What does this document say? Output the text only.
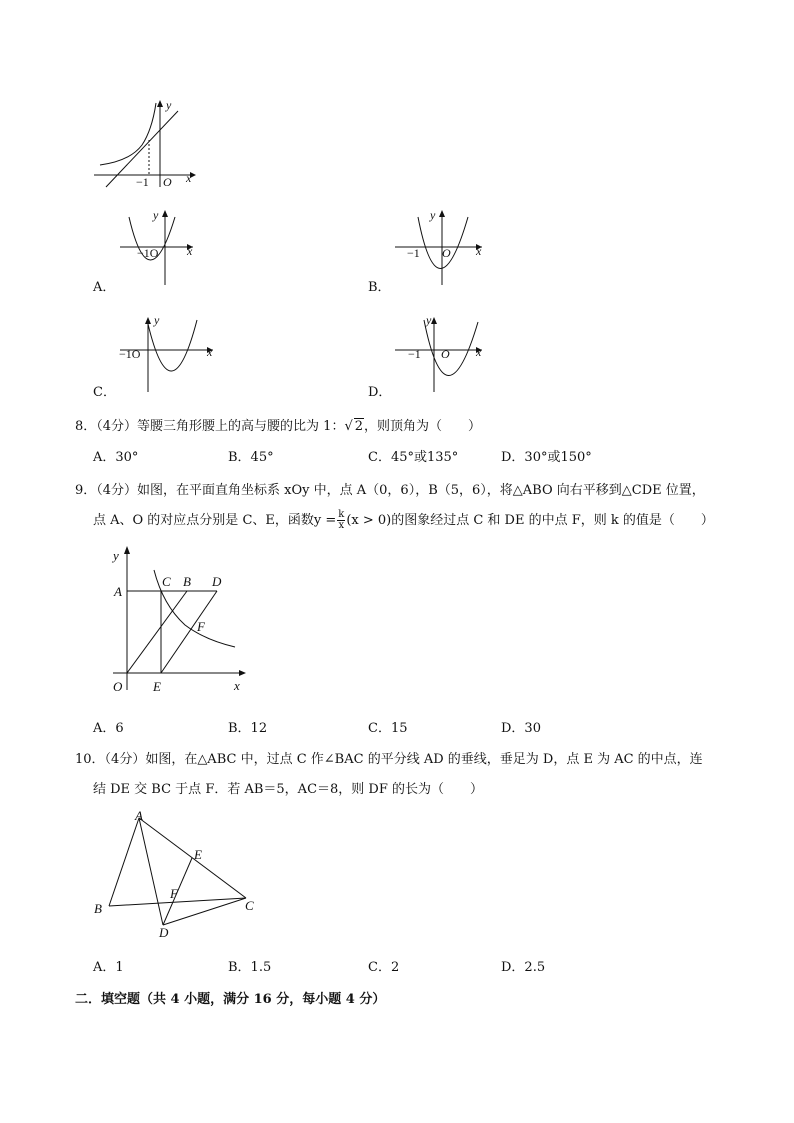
y
x
O
−1
y
x
−1O
A．
y
x
−1 O
B．
y
x
−1O
C．
y
x
−1 O
D．
8．（4分）等腰三角形腰上的高与腰的比为 1：√ 2，则顶角为（　　）
A．30°	B．45°	C．45°或135°	D．30°或150°
9．（4分）如图，在平面直角坐标系 xOy 中，点 A（0，6），B（5，6），将△ABO 向右平移到△CDE 位置，
点 A、O 的对应点分别是 C、E，函数$y = \frac{k}{x} (x > 0)$的图象经过点 C 和 DE 的中点 F，则 k 的值是（　　）
y
x
A
C B D
F
O E
A．6	B．12	C．15	D．30
10．（4分）如图，在△ABC 中，过点 C 作∠BAC 的平分线 AD 的垂线，垂足为 D，点 E 为 AC 的中点，连
结 DE 交 BC 于点 F．若 AB＝5，AC＝8，则 DF 的长为（　　）
A
B	C
D
E
F
A．1	B．1.5	C．2	D．2.5
二．填空题（共 4 小题，满分 16 分，每小题 4 分）
